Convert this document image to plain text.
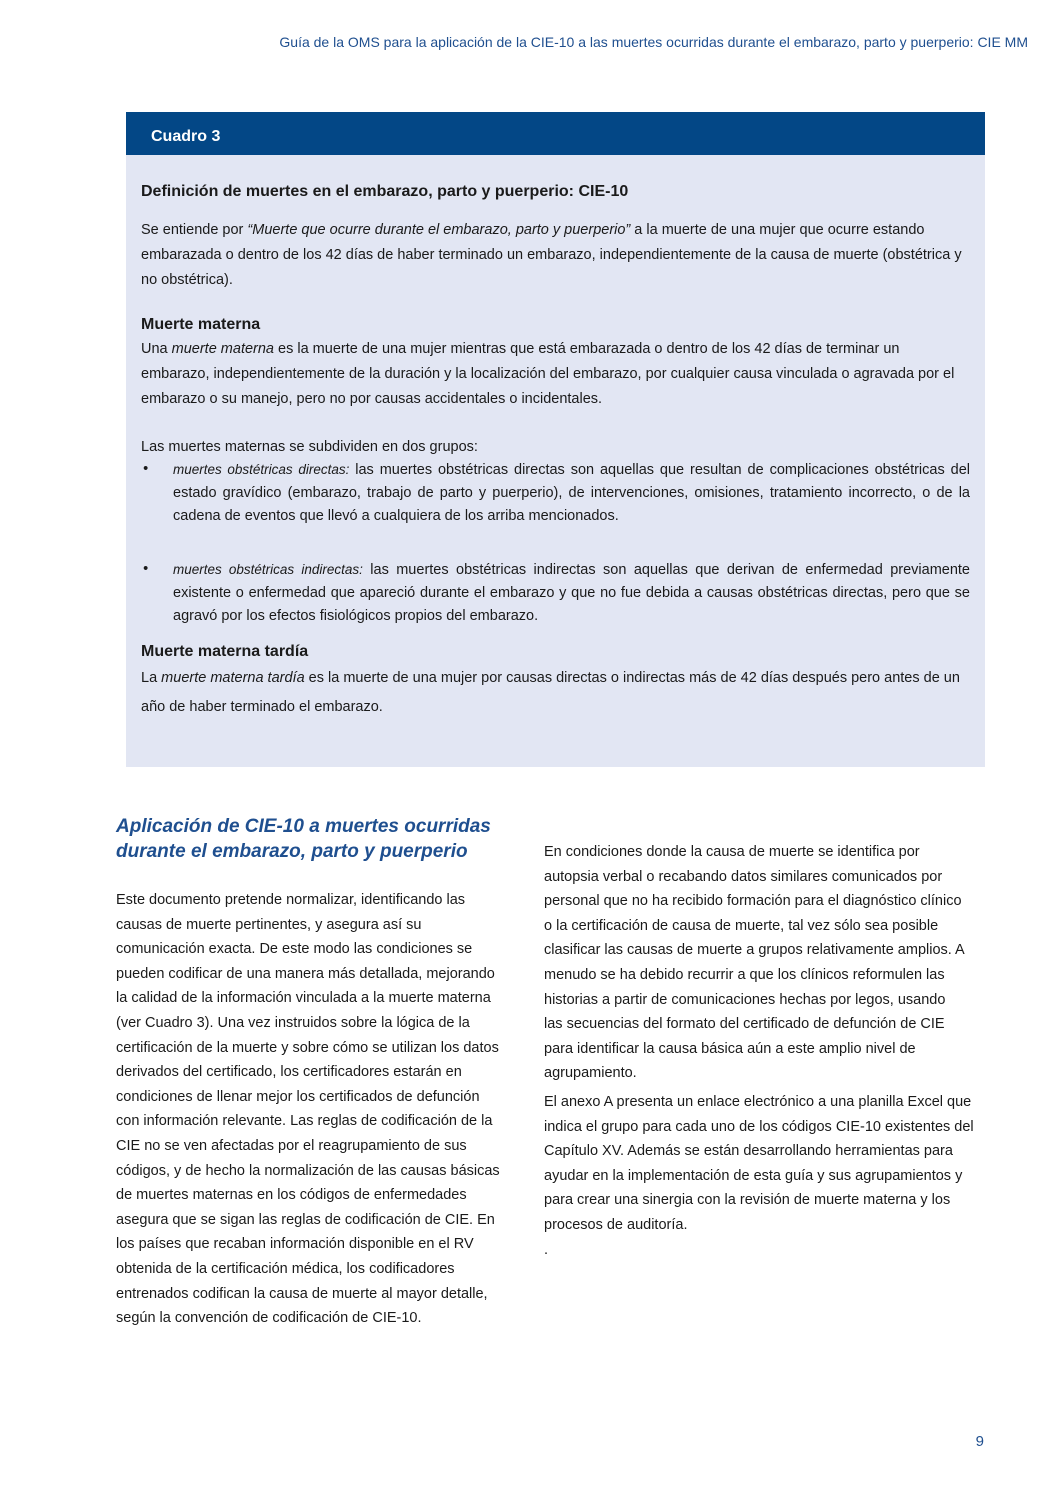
Guía de la OMS para la aplicación de la CIE-10 a las muertes ocurridas durante el embarazo, parto y puerperio: CIE MM
Cuadro 3
Definición de muertes en el embarazo, parto y puerperio: CIE-10

Se entiende por “Muerte que ocurre durante el embarazo, parto y puerperio” a la muerte de una mujer que ocurre estando embarazada o dentro de los 42 días de haber terminado un embarazo, independientemente de la causa de muerte (obstétrica y no obstétrica).

Muerte materna

Una muerte materna es la muerte de una mujer mientras que está embarazada o dentro de los 42 días de terminar un embarazo, independientemente de la duración y la localización del embarazo, por cualquier causa vinculada o agravada por el embarazo o su manejo, pero no por causas accidentales o incidentales.

Las muertes maternas se subdividen en dos grupos:

• muertes obstétricas directas: las muertes obstétricas directas son aquellas que resultan de complicaciones obstétricas del estado gravídico (embarazo, trabajo de parto y puerperio), de intervenciones, omisiones, tratamiento incorrecto, o de la cadena de eventos que llevó a cualquiera de los arriba mencionados.
• muertes obstétricas indirectas: las muertes obstétricas indirectas son aquellas que derivan de enfermedad previamente existente o enfermedad que apareció durante el embarazo y que no fue debida a causas obstétricas directas, pero que se agravó por los efectos fisiológicos propios del embarazo.
Muerte materna tardía

La muerte materna tardía es la muerte de una mujer por causas directas o indirectas más de 42 días después pero antes de un año de haber terminado el embarazo.

Aplicación de CIE-10 a muertes ocurridas durante el embarazo, parto y puerperio

Este documento pretende normalizar, identificando las causas de muerte pertinentes, y asegura así su comunicación exacta. De este modo las condiciones se pueden codificar de una manera más detallada, mejorando la calidad de la información vinculada a la muerte materna (ver Cuadro 3). Una vez instruidos sobre la lógica de la certificación de la muerte y sobre cómo se utilizan los datos derivados del certificado, los certificadores estarán en condiciones de llenar mejor los certificados de defunción con información relevante. Las reglas de codificación de la CIE no se ven afectadas por el reagrupamiento de sus códigos, y de hecho la normalización de las causas básicas de muertes maternas en los códigos de enfermedades asegura que se sigan las reglas de codificación de CIE. En los países que recaban información disponible en el RV obtenida de la certificación médica, los codificadores entrenados codifican la causa de muerte al mayor detalle, según la convención de codificación de CIE-10.

En condiciones donde la causa de muerte se identifica por autopsia verbal o recabando datos similares comunicados por personal que no ha recibido formación para el diagnóstico clínico o la certificación de causa de muerte, tal vez sólo sea posible clasificar las causas de muerte a grupos relativamente amplios. A menudo se ha debido recurrir a que los clínicos reformulen las historias a partir de comunicaciones hechas por legos, usando las secuencias del formato del certificado de defunción de CIE para identificar la causa básica aún a este amplio nivel de agrupamiento.

El anexo A presenta un enlace electrónico a una planilla Excel que indica el grupo para cada uno de los códigos CIE-10 existentes del Capítulo XV. Además se están desarrollando herramientas para ayudar en la implementación de esta guía y sus agrupamientos y para crear una sinergia con la revisión de muerte materna y los procesos de auditoría.

.

9
